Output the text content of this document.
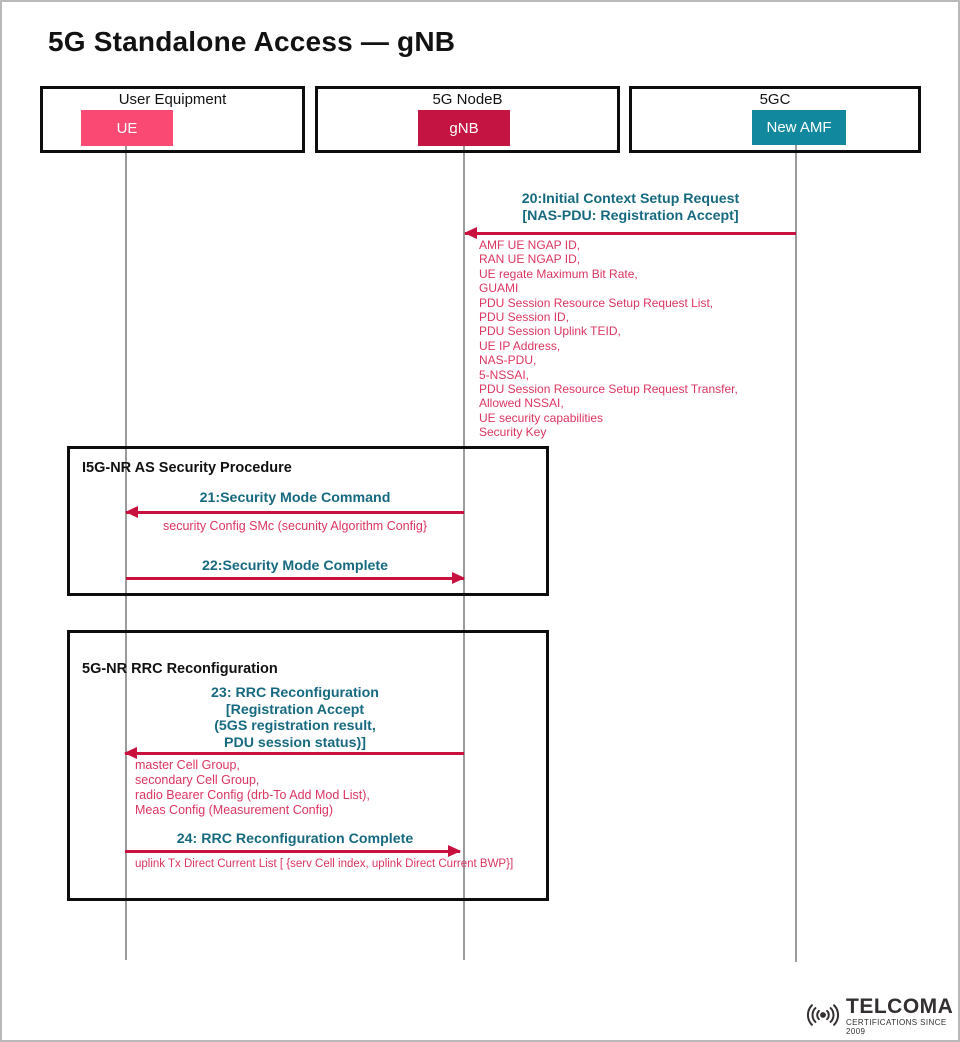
5G Standalone Access — gNB
User Equipment
UE
5G NodeB
gNB
5GC
New AMF
20:Initial Context Setup Request
[NAS-PDU: Registration Accept]
AMF UE NGAP ID,
RAN UE NGAP ID,
UE regate Maximum Bit Rate,
GUAMI
PDU Session Resource Setup Request List,
PDU Session ID,
PDU Session Uplink TEID,
UE IP Address,
NAS-PDU,
5-NSSAI,
PDU Session Resource Setup Request Transfer,
Allowed NSSAI,
UE security capabilities
Security Key
I5G-NR AS Security Procedure
21:Security Mode Command
security Config SMc (secunity Algorithm Config}
22:Security Mode Complete
5G-NR RRC Reconfiguration
23: RRC Reconfiguration
[Registration Accept
(5GS registration result,
PDU session status)]
master Cell Group,
secondary Cell Group,
radio Bearer Config (drb-To Add Mod List),
Meas Config (Measurement Config)
24: RRC Reconfiguration Complete
uplink Tx Direct Current List [ {serv Cell index, uplink Direct Current BWP}]
TELCOMA
CERTIFICATIONS SINCE 2009
